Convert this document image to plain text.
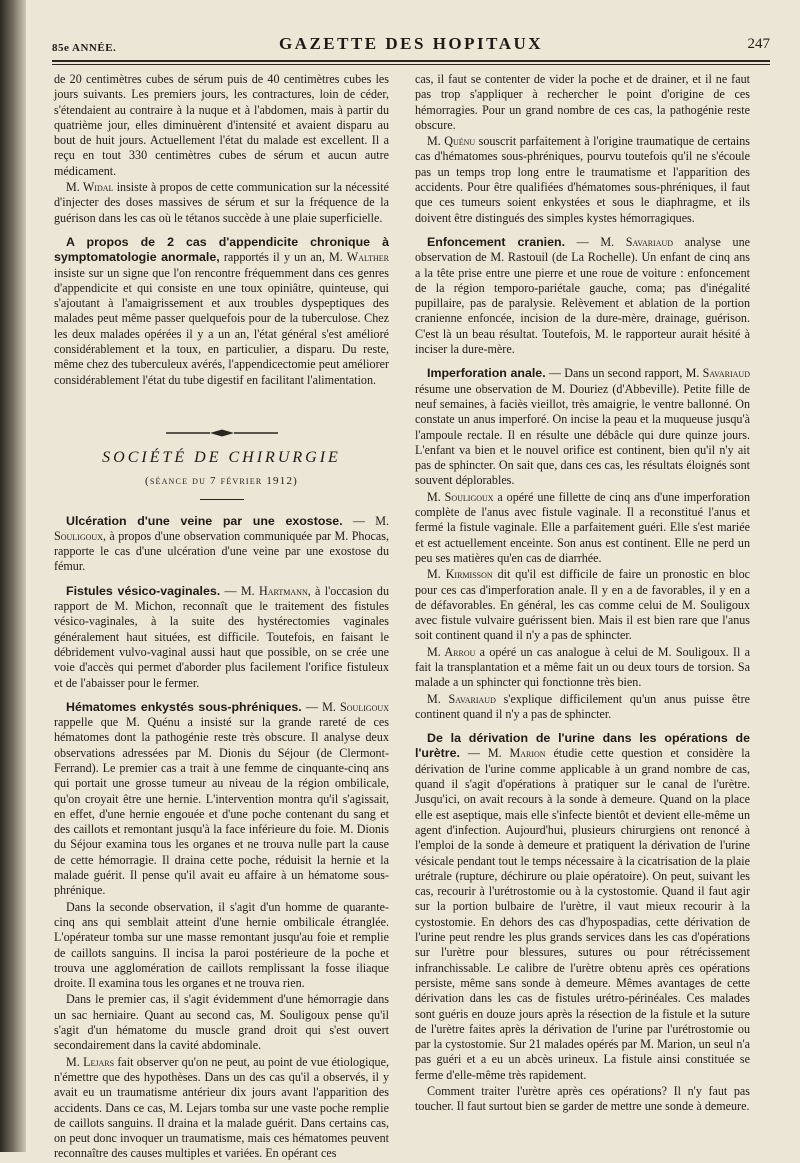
85e ANNÉE.	GAZETTE DES HOPITAUX	247

de 20 centimètres cubes de sérum puis de 40 centimètres cubes les jours suivants. Les premiers jours, les contractures, loin de céder, s'étendaient au contraire à la nuque et à l'abdomen, mais à partir du quatrième jour, elles diminuèrent d'intensité et avaient disparu au bout de huit jours. Actuellement l'état du malade est excellent. Il a reçu en tout 330 centimètres cubes de sérum et aucun autre médicament.

M. Widal insiste à propos de cette communication sur la nécessité d'injecter des doses massives de sérum et sur la fréquence de la guérison dans les cas où le tétanos succède à une plaie superficielle.

A propos de 2 cas d'appendicite chronique à symptomatologie anormale, rapportés il y un an, M. Walther insiste sur un signe que l'on rencontre fréquemment dans ces genres d'appendicite et qui consiste en une toux opiniâtre, quinteuse, qui s'ajoutant à l'amaigrissement et aux troubles dyspeptiques des malades peut même passer quelquefois pour de la tuberculose. Chez les deux malades opérées il y a un an, l'état général s'est amélioré considérablement et la toux, en particulier, a disparu. Du reste, même chez des tuberculeux avérés, l'appendicectomie peut améliorer considérablement l'état du tube digestif en facilitant l'alimentation.

SOCIÉTÉ DE CHIRURGIE
(séance du 7 février 1912)

Ulcération d'une veine par une exostose. — M. Souligoux, à propos d'une observation communiquée par M. Phocas, rapporte le cas d'une ulcération d'une veine par une exostose du fémur.

Fistules vésico-vaginales. — M. Hartmann, à l'occasion du rapport de M. Michon, reconnaît que le traitement des fistules vésico-vaginales, à la suite des hystérectomies vaginales généralement haut situées, est difficile. Toutefois, en faisant le débridement vulvo-vaginal aussi haut que possible, on se crée une voie d'accès qui permet d'aborder plus facilement l'orifice fistuleux et de l'abaisser pour le fermer.

Hématomes enkystés sous-phréniques. — M. Souligoux rappelle que M. Quénu a insisté sur la grande rareté de ces hématomes dont la pathogénie reste très obscure. Il analyse deux observations adressées par M. Dionis du Séjour (de Clermont-Ferrand). Le premier cas a trait à une femme de cinquante-cinq ans qui portait une grosse tumeur au niveau de la région ombilicale, qu'on croyait être une hernie. L'intervention montra qu'il s'agissait, en effet, d'une hernie engouée et d'une poche contenant du sang et des caillots et remontant jusqu'à la face inférieure du foie. M. Dionis du Séjour examina tous les organes et ne trouva nulle part la cause de cette hémorragie. Il draina cette poche, réduisit la hernie et la malade guérit. Il pense qu'il avait eu affaire à un hématome sous-phrénique.

Dans la seconde observation, il s'agit d'un homme de quarante-cinq ans qui semblait atteint d'une hernie ombilicale étranglée. L'opérateur tomba sur une masse remontant jusqu'au foie et remplie de caillots sanguins. Il incisa la paroi postérieure de la poche et trouva une agglomération de caillots remplissant la fosse iliaque droite. Il examina tous les organes et ne trouva rien.

Dans le premier cas, il s'agit évidemment d'une hémorragie dans un sac herniaire. Quant au second cas, M. Souligoux pense qu'il s'agit d'un hématome du muscle grand droit qui s'est ouvert secondairement dans la cavité abdominale.

M. Lejars fait observer qu'on ne peut, au point de vue étiologique, n'émettre que des hypothèses. Dans un des cas qu'il a observés, il y avait eu un traumatisme antérieur dix jours avant l'apparition des accidents. Dans ce cas, M. Lejars tomba sur une vaste poche remplie de caillots sanguins. Il draina et la malade guérit. Dans certains cas, on peut donc invoquer un traumatisme, mais ces hématomes peuvent reconnaître des causes multiples et variées. En opérant ces

cas, il faut se contenter de vider la poche et de drainer, et il ne faut pas trop s'appliquer à rechercher le point d'origine de ces hémorragies. Pour un grand nombre de ces cas, la pathogénie reste obscure.

M. Quénu souscrit parfaitement à l'origine traumatique de certains cas d'hématomes sous-phréniques, pourvu toutefois qu'il ne s'écoule pas un temps trop long entre le traumatisme et l'apparition des accidents. Pour être qualifiées d'hématomes sous-phréniques, il faut que ces tumeurs soient enkystées et sous le diaphragme, et ils doivent être distingués des simples kystes hémorragiques.

Enfoncement cranien. — M. Savariaud analyse une observation de M. Rastouil (de La Rochelle). Un enfant de cinq ans a la tête prise entre une pierre et une roue de voiture : enfoncement de la région temporo-pariétale gauche, coma; pas d'inégalité pupillaire, pas de paralysie. Relèvement et ablation de la portion cranienne enfoncée, incision de la dure-mère, drainage, guérison. C'est là un beau résultat. Toutefois, M. le rapporteur aurait hésité à inciser la dure-mère.

Imperforation anale. — Dans un second rapport, M. Savariaud résume une observation de M. Douriez (d'Abbeville). Petite fille de neuf semaines, à faciès vieillot, très amaigrie, le ventre ballonné. On constate un anus imperforé. On incise la peau et la muqueuse jusqu'à l'ampoule rectale. Il en résulte une débâcle qui dure quinze jours. L'enfant va bien et le nouvel orifice est continent, bien qu'il n'y ait pas de sphincter. On sait que, dans ces cas, les résultats éloignés sont souvent déplorables.

M. Souligoux a opéré une fillette de cinq ans d'une imperforation complète de l'anus avec fistule vaginale. Il a reconstitué l'anus et fermé la fistule vaginale. Elle a parfaitement guéri. Elle s'est mariée et est actuellement enceinte. Son anus est continent. Elle ne perd un peu ses matières qu'en cas de diarrhée.

M. Kirmisson dit qu'il est difficile de faire un pronostic en bloc pour ces cas d'imperforation anale. Il y en a de favorables, il y en a de défavorables. En général, les cas comme celui de M. Souligoux avec fistule vulvaire guérissent bien. Mais il est bien rare que l'anus soit continent quand il n'y a pas de sphincter.

M. Arrou a opéré un cas analogue à celui de M. Souligoux. Il a fait la transplantation et a même fait un ou deux tours de torsion. Sa malade a un sphincter qui fonctionne très bien.

M. Savariaud s'explique difficilement qu'un anus puisse être continent quand il n'y a pas de sphincter.

De la dérivation de l'urine dans les opérations de l'urètre. — M. Marion étudie cette question et considère la dérivation de l'urine comme applicable à un grand nombre de cas, quand il s'agit d'opérations à pratiquer sur le canal de l'urètre. Jusqu'ici, on avait recours à la sonde à demeure. Quand on la place elle est aseptique, mais elle s'infecte bientôt et devient elle-même un agent d'infection. Aujourd'hui, plusieurs chirurgiens ont renoncé à l'emploi de la sonde à demeure et pratiquent la dérivation de l'urine vésicale pendant tout le temps nécessaire à la cicatrisation de la plaie urétrale (rupture, déchirure ou plaie opératoire). On peut, suivant les cas, recourir à l'urétrostomie ou à la cystostomie. Quand il faut agir sur la portion bulbaire de l'urètre, il vaut mieux recourir à la cystostomie. En dehors des cas d'hypospadias, cette dérivation de l'urine peut rendre les plus grands services dans les cas d'opérations sur l'urètre pour blessures, sutures ou pour rétrécissement infranchissable. Le calibre de l'urètre obtenu après ces opérations persiste, même sans sonde à demeure. Mêmes avantages de cette dérivation dans les cas de fistules urétro-périnéales. Ces malades sont guéris en douze jours après la résection de la fistule et la suture de l'urètre faites après la dérivation de l'urine par l'urétrostomie ou par la cystostomie. Sur 21 malades opérés par M. Marion, un seul n'a pas guéri et a eu un abcès urineux. La fistule ainsi constituée se ferme d'elle-même très rapidement.

Comment traiter l'urètre après ces opérations? Il n'y faut pas toucher. Il faut surtout bien se garder de mettre une sonde à demeure.
